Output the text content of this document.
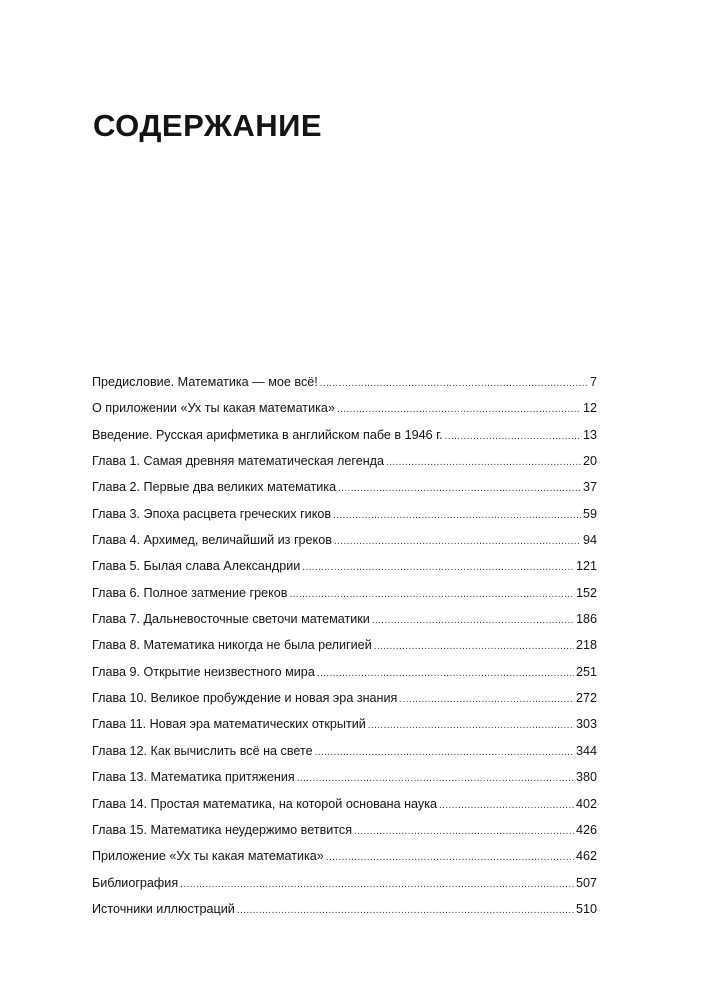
СОДЕРЖАНИЕ
Предисловие. Математика — мое всё! . . .	7
О приложении «Ух ты какая математика» . . .	12
Введение. Русская арифметика в английском пабе в 1946 г. . . .	13
Глава 1. Самая древняя математическая легенда . . .	20
Глава 2. Первые два великих математика . . .	37
Глава 3. Эпоха расцвета греческих гиков . . .	59
Глава 4. Архимед, величайший из греков . . .	94
Глава 5. Былая слава Александрии . . .	121
Глава 6. Полное затмение греков . . .	152
Глава 7. Дальневосточные светочи математики . . .	186
Глава 8. Математика никогда не была религией . . .	218
Глава 9. Открытие неизвестного мира . . .	251
Глава 10. Великое пробуждение и новая эра знания . . .	272
Глава 11. Новая эра математических открытий . . .	303
Глава 12. Как вычислить всё на свете . . .	344
Глава 13. Математика притяжения . . .	380
Глава 14. Простая математика, на которой основана наука . . .	402
Глава 15. Математика неудержимо ветвится . . .	426
Приложение «Ух ты какая математика» . . .	462
Библиография . . .	507
Источники иллюстраций . . .	510
